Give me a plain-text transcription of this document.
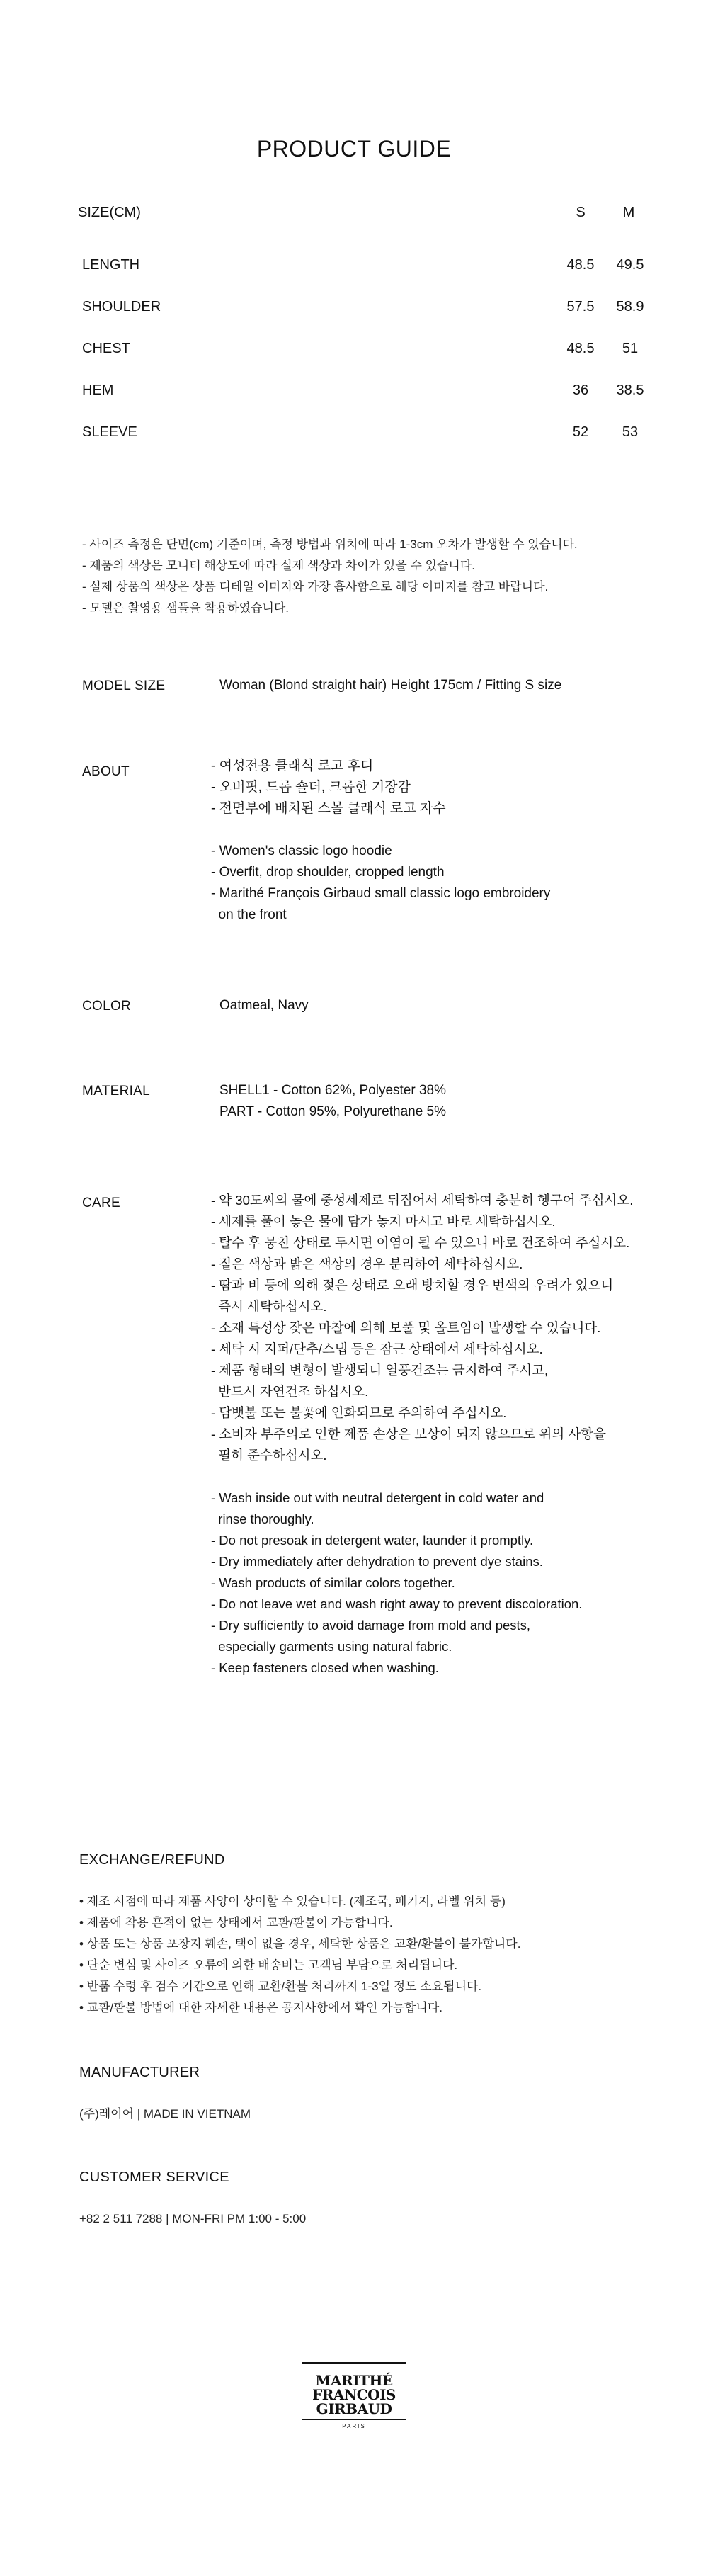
PRODUCT GUIDE
SIZE(CM)	S	M
LENGTH	48.5	49.5
SHOULDER	57.5	58.9
CHEST	48.5	51
HEM	36	38.5
SLEEVE	52	53
- 사이즈 측정은 단면(cm) 기준이며, 측정 방법과 위치에 따라 1-3cm 오차가 발생할 수 있습니다.
- 제품의 색상은 모니터 해상도에 따라 실제 색상과 차이가 있을 수 있습니다.
- 실제 상품의 색상은 상품 디테일 이미지와 가장 흡사함으로 해당 이미지를 참고 바랍니다.
- 모델은 촬영용 샘플을 착용하였습니다.
MODEL SIZE	Woman (Blond straight hair) Height 175cm / Fitting S size
ABOUT	- 여성전용 클래식 로고 후디
- 오버핏, 드롭 숄더, 크롭한 기장감
- 전면부에 배치된 스몰 클래식 로고 자수

- Women's classic logo hoodie
- Overfit, drop shoulder, cropped length
- Marithé François Girbaud small classic logo embroidery
on the front
COLOR	Oatmeal, Navy
MATERIAL	SHELL1 - Cotton 62%, Polyester 38%
PART - Cotton 95%, Polyurethane 5%
CARE	- 약 30도씨의 물에 중성세제로 뒤집어서 세탁하여 충분히 헹구어 주십시오.
- 세제를 풀어 놓은 물에 담가 놓지 마시고 바로 세탁하십시오.
- 탈수 후 뭉친 상태로 두시면 이염이 될 수 있으니 바로 건조하여 주십시오.
- 짙은 색상과 밝은 색상의 경우 분리하여 세탁하십시오.
- 땀과 비 등에 의해 젖은 상태로 오래 방치할 경우 번색의 우려가 있으니
즉시 세탁하십시오.
- 소재 특성상 잦은 마찰에 의해 보풀 및 올트임이 발생할 수 있습니다.
- 세탁 시 지퍼/단추/스냅 등은 잠근 상태에서 세탁하십시오.
- 제품 형태의 변형이 발생되니 열풍건조는 금지하여 주시고,
반드시 자연건조 하십시오.
- 담뱃불 또는 불꽃에 인화되므로 주의하여 주십시오.
- 소비자 부주의로 인한 제품 손상은 보상이 되지 않으므로 위의 사항을
필히 준수하십시오.

- Wash inside out with neutral detergent in cold water and
rinse thoroughly.
- Do not presoak in detergent water, launder it promptly.
- Dry immediately after dehydration to prevent dye stains.
- Wash products of similar colors together.
- Do not leave wet and wash right away to prevent discoloration.
- Dry sufficiently to avoid damage from mold and pests,
especially garments using natural fabric.
- Keep fasteners closed when washing.
EXCHANGE/REFUND
• 제조 시점에 따라 제품 사양이 상이할 수 있습니다. (제조국, 패키지, 라벨 위치 등)
• 제품에 착용 흔적이 없는 상태에서 교환/환불이 가능합니다.
• 상품 또는 상품 포장지 훼손, 택이 없을 경우, 세탁한 상품은 교환/환불이 불가합니다.
• 단순 변심 및 사이즈 오류에 의한 배송비는 고객님 부담으로 처리됩니다.
• 반품 수령 후 검수 기간으로 인해 교환/환불 처리까지 1-3일 정도 소요됩니다.
• 교환/환불 방법에 대한 자세한 내용은 공지사항에서 확인 가능합니다.
MANUFACTURER
(주)레이어 | MADE IN VIETNAM
CUSTOMER SERVICE
+82 2 511 7288 | MON-FRI PM 1:00 - 5:00
MARITHÉ
FRANCOIS
GIRBAUD
PARIS
